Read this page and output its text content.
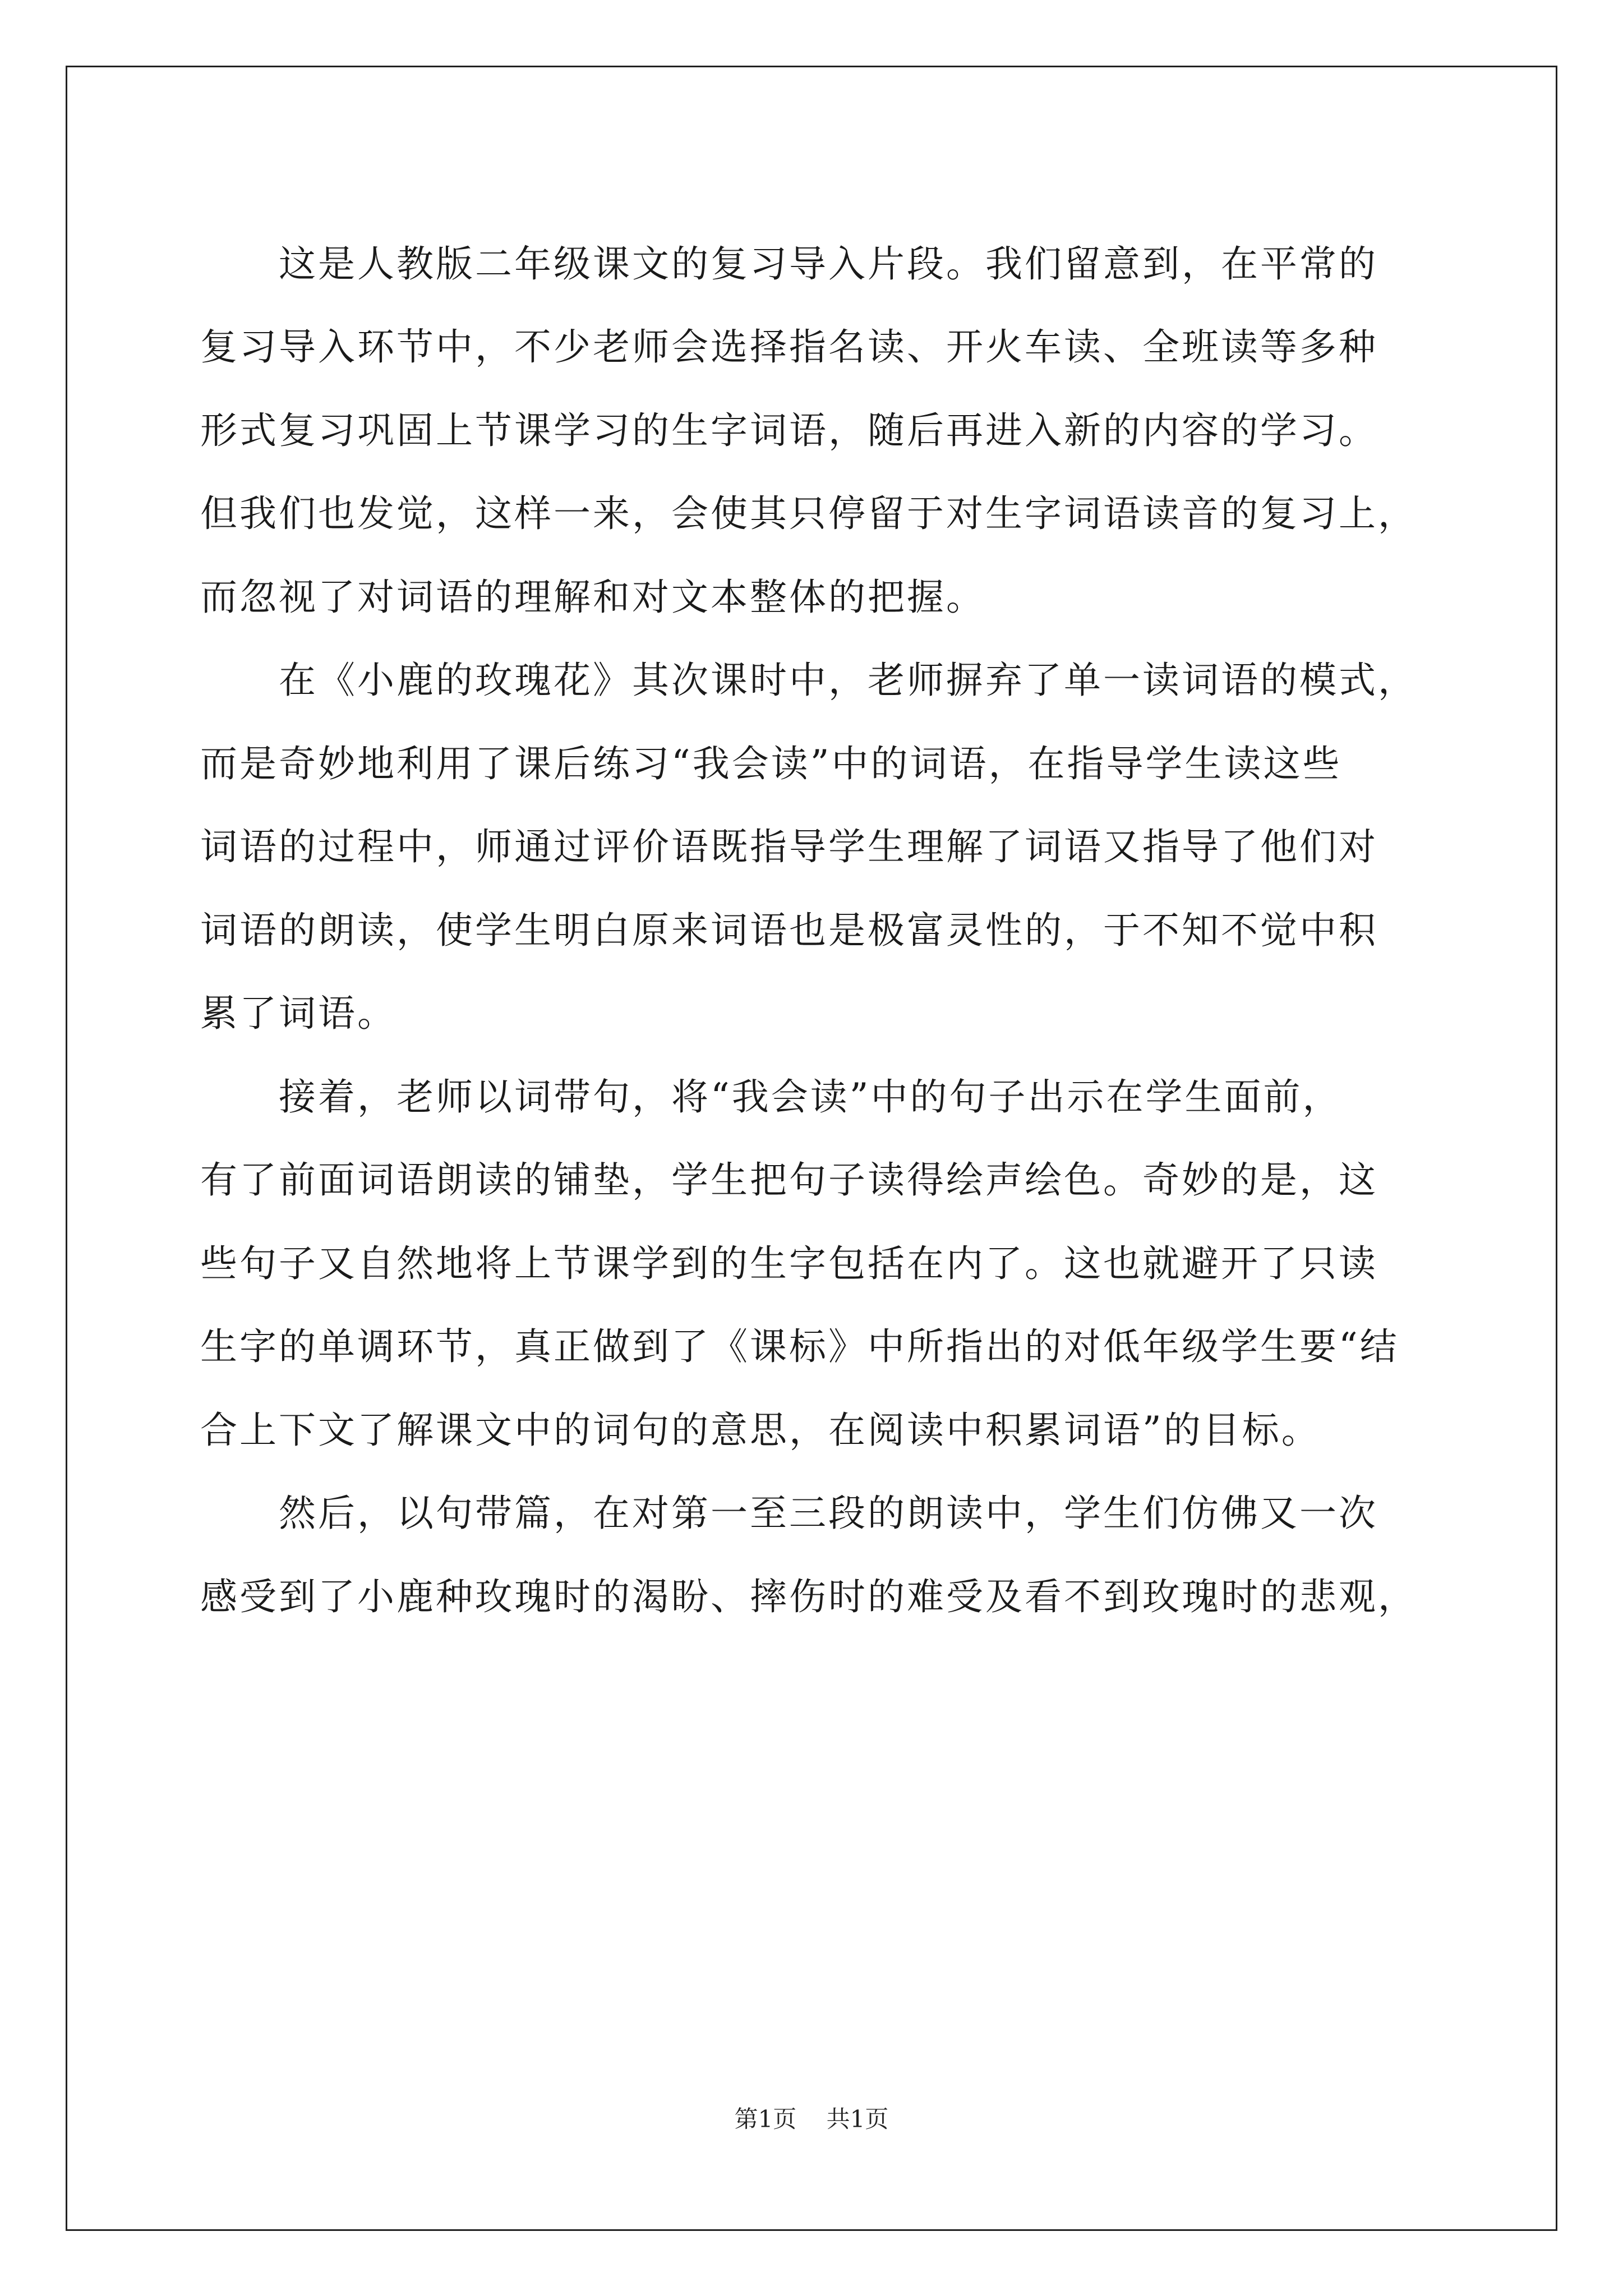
这是人教版二年级课文的复习导入片段。我们留意到，在平常的
复习导入环节中，不少老师会选择指名读、开火车读、全班读等多种
形式复习巩固上节课学习的生字词语，随后再进入新的内容的学习。
但我们也发觉，这样一来，会使其只停留于对生字词语读音的复习上，
而忽视了对词语的理解和对文本整体的把握。
在《小鹿的玫瑰花》其次课时中，老师摒弃了单一读词语的模式，
而是奇妙地利用了课后练习“我会读”中的词语，在指导学生读这些
词语的过程中，师通过评价语既指导学生理解了词语又指导了他们对
词语的朗读，使学生明白原来词语也是极富灵性的，于不知不觉中积
累了词语。
接着，老师以词带句，将“我会读”中的句子出示在学生面前，
有了前面词语朗读的铺垫，学生把句子读得绘声绘色。奇妙的是，这
些句子又自然地将上节课学到的生字包括在内了。这也就避开了只读
生字的单调环节，真正做到了《课标》中所指出的对低年级学生要“结
合上下文了解课文中的词句的意思，在阅读中积累词语”的目标。
然后，以句带篇，在对第一至三段的朗读中，学生们仿佛又一次
感受到了小鹿种玫瑰时的渴盼、摔伤时的难受及看不到玫瑰时的悲观，
第1页 共1页
